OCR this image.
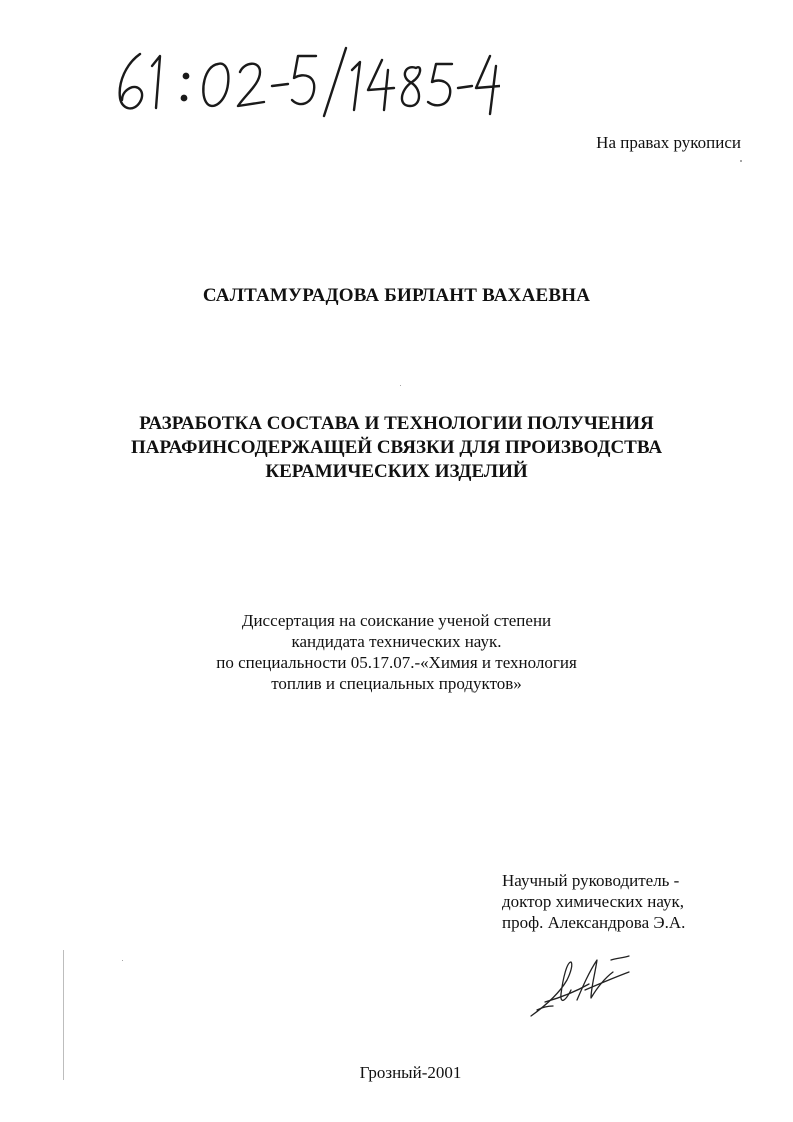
На правах рукописи
САЛТАМУРАДОВА БИРЛАНТ ВАХАЕВНА
РАЗРАБОТКА СОСТАВА И ТЕХНОЛОГИИ ПОЛУЧЕНИЯ
ПАРАФИНСОДЕРЖАЩЕЙ СВЯЗКИ ДЛЯ ПРОИЗВОДСТВА
КЕРАМИЧЕСКИХ ИЗДЕЛИЙ
Диссертация на соискание ученой степени
кандидата технических наук.
по специальности 05.17.07.-«Химия и технология
топлив и специальных продуктов»
Научный руководитель -
доктор химических наук,
проф. Александрова Э.А.
Грозный-2001
